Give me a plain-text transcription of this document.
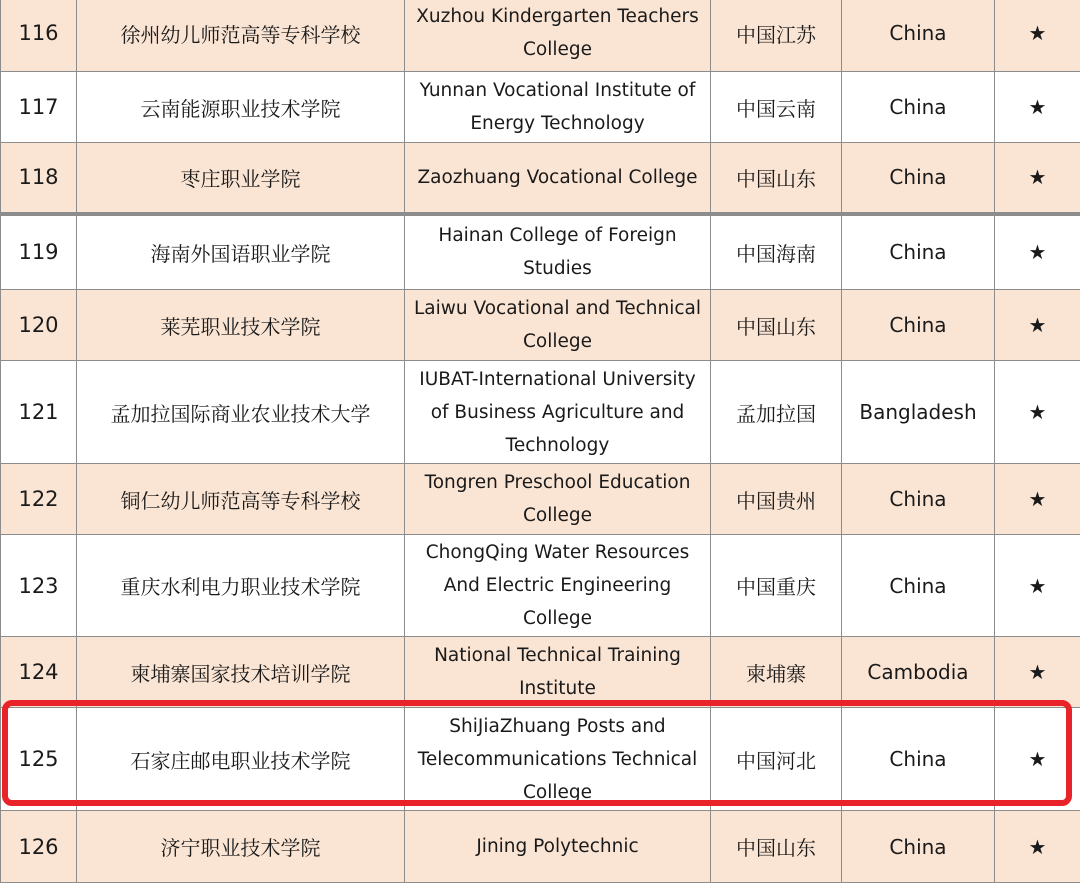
116	徐州幼儿师范高等专科学校	Xuzhou Kindergarten Teachers College	中国江苏	China	★
117	云南能源职业技术学院	Yunnan Vocational Institute of Energy Technology	中国云南	China	★
118	枣庄职业学院	Zaozhuang Vocational College	中国山东	China	★
119	海南外国语职业学院	Hainan College of Foreign Studies	中国海南	China	★
120	莱芜职业技术学院	Laiwu Vocational and Technical College	中国山东	China	★
121	孟加拉国际商业农业技术大学	IUBAT-International University of Business Agriculture and Technology	孟加拉国	Bangladesh	★
122	铜仁幼儿师范高等专科学校	Tongren Preschool Education College	中国贵州	China	★
123	重庆水利电力职业技术学院	ChongQing Water Resources And Electric Engineering College	中国重庆	China	★
124	柬埔寨国家技术培训学院	National Technical Training Institute	柬埔寨	Cambodia	★
125	石家庄邮电职业技术学院	ShiJiaZhuang Posts and Telecommunications Technical College	中国河北	China	★
126	济宁职业技术学院	Jining Polytechnic	中国山东	China	★
